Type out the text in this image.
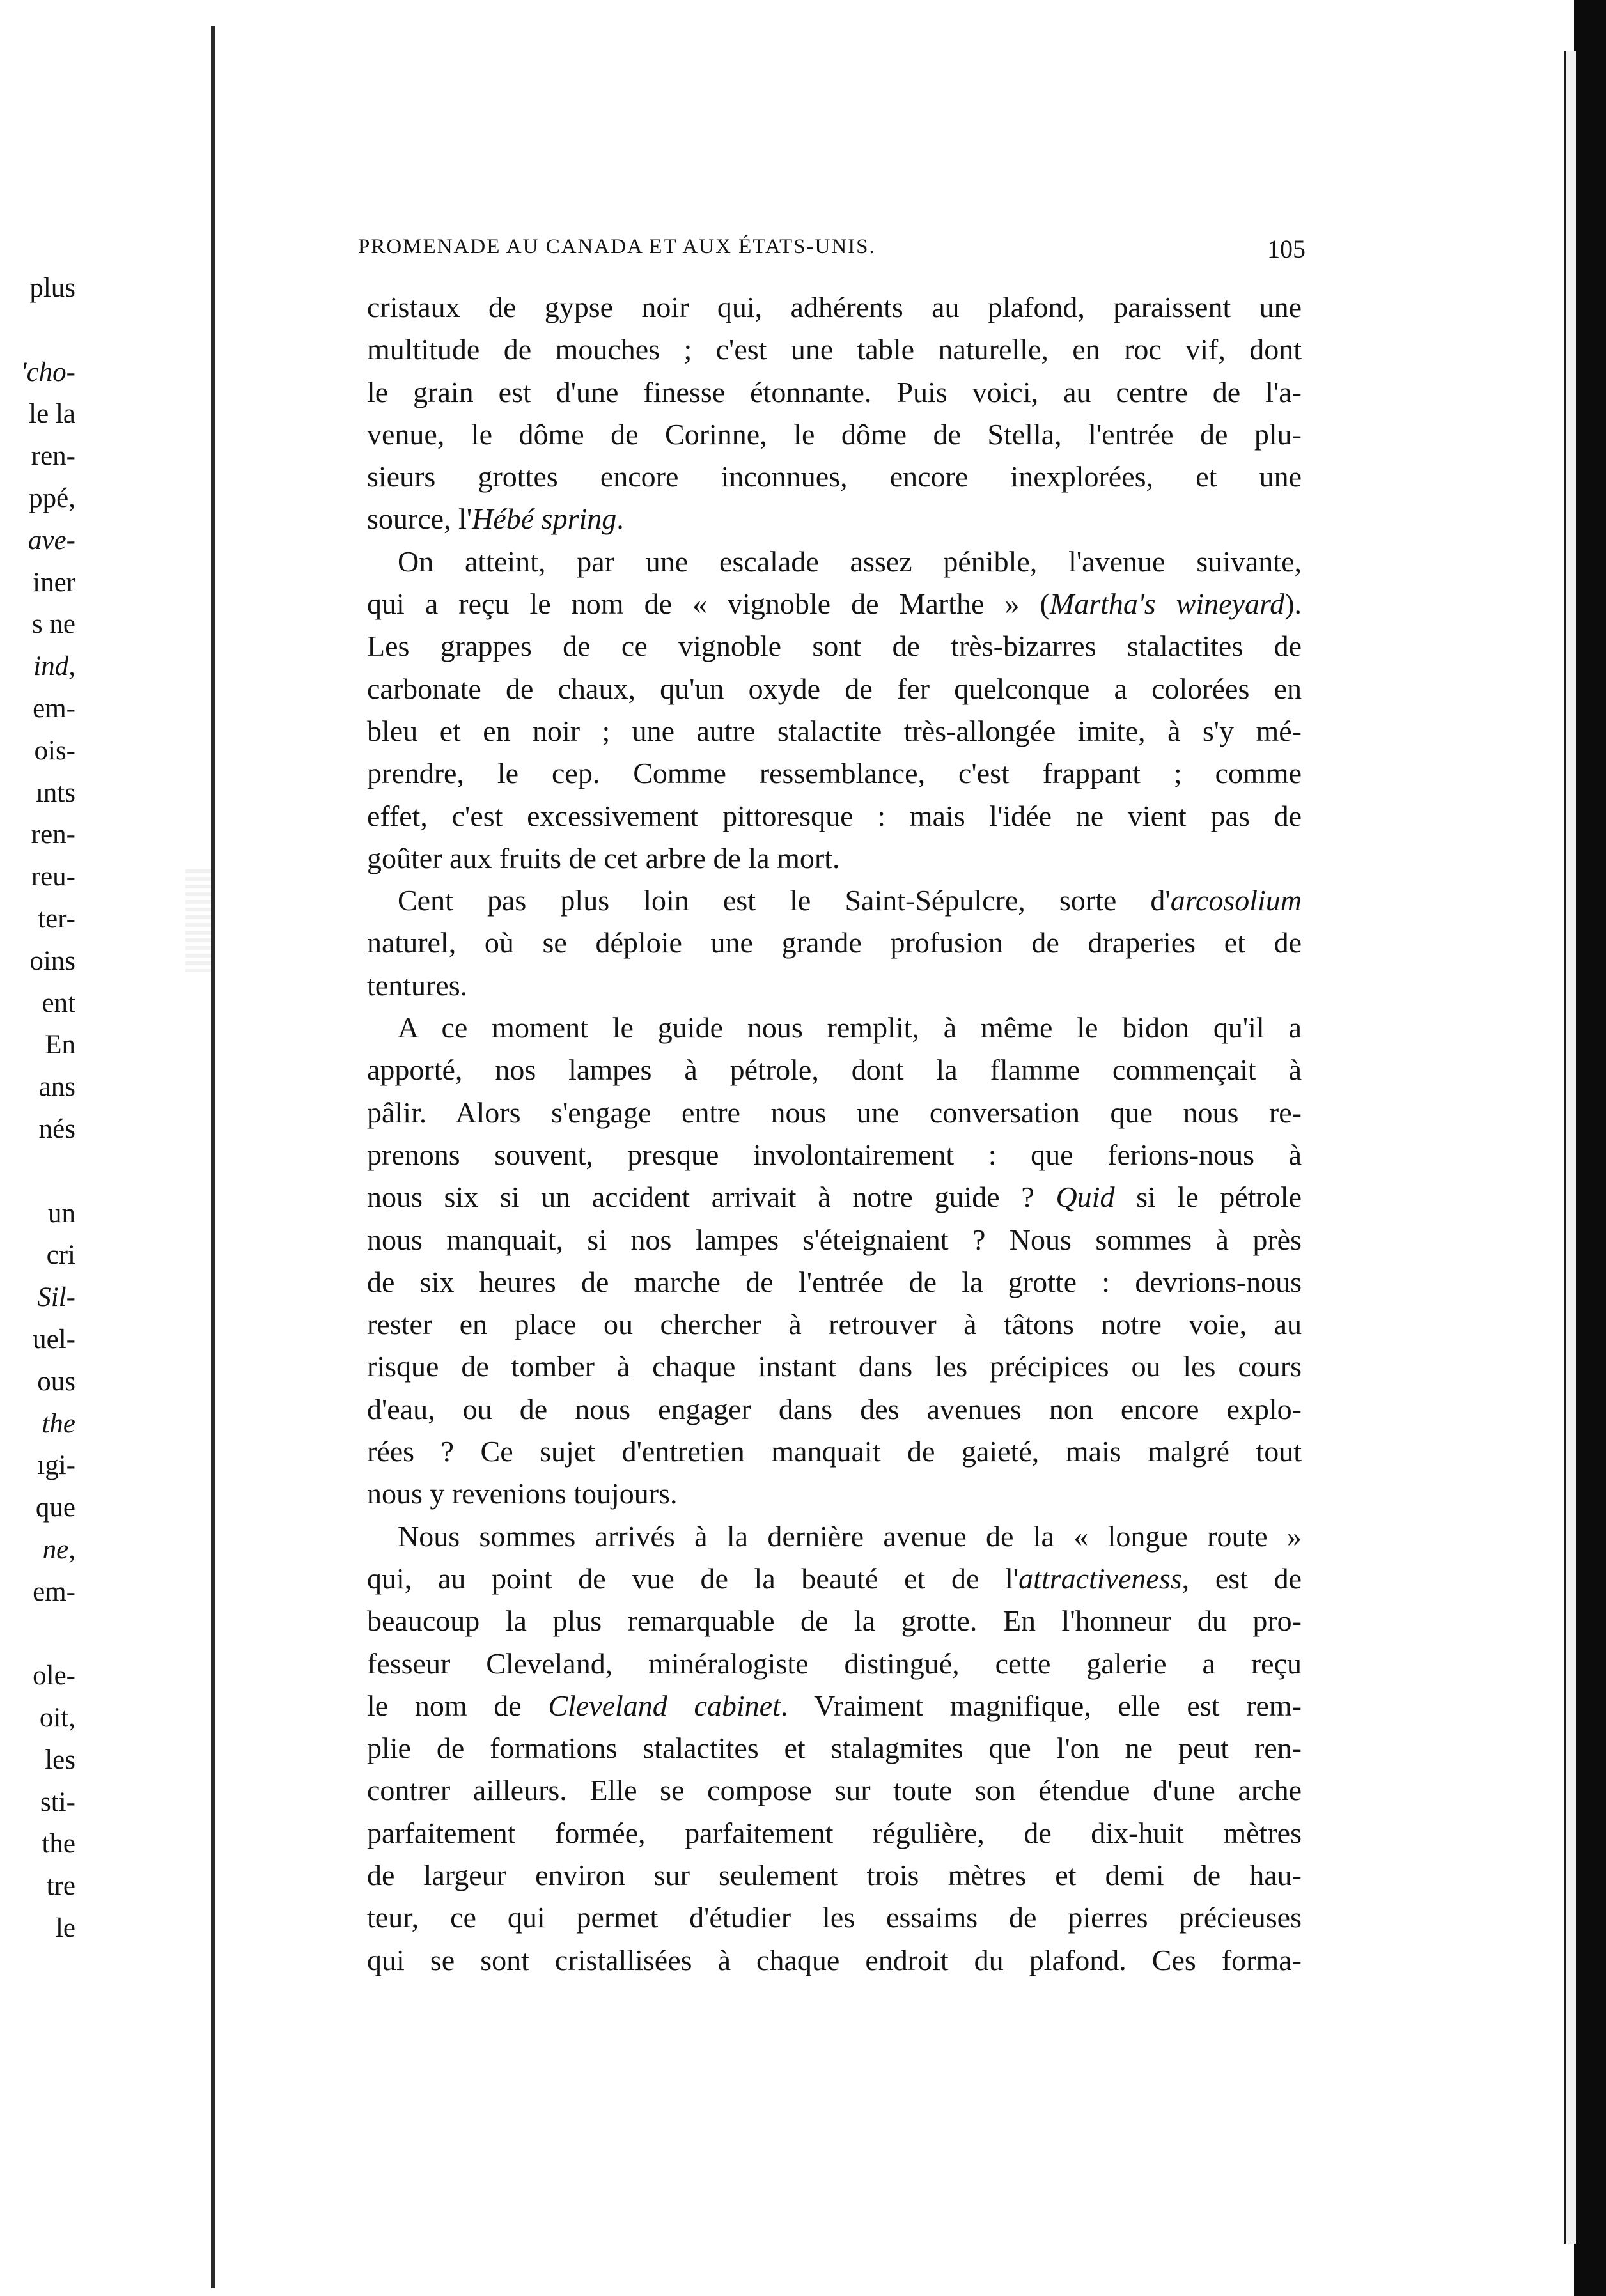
plus
'cho-
le la
ren-
ppé,
ave-
iner
s ne
ind,
em-
ois-
ınts
ren-
reu-
ter-
oins
ent
En
ans
nés
un
cri
Sil-
uel-
ous
the
ıgi-
que
ne,
em-
ole-
oit,
les
sti-
the
tre
le
PROMENADE AU CANADA ET AUX ÉTATS-UNIS.	105
cristaux de gypse noir qui, adhérents au plafond, paraissent une
multitude de mouches ; c'est une table naturelle, en roc vif, dont
le grain est d'une finesse étonnante. Puis voici, au centre de l'a-
venue, le dôme de Corinne, le dôme de Stella, l'entrée de plu-
sieurs grottes encore inconnues, encore inexplorées, et une
source, l'Hébé spring.
On atteint, par une escalade assez pénible, l'avenue suivante,
qui a reçu le nom de « vignoble de Marthe » (Martha's wineyard).
Les grappes de ce vignoble sont de très-bizarres stalactites de
carbonate de chaux, qu'un oxyde de fer quelconque a colorées en
bleu et en noir ; une autre stalactite très-allongée imite, à s'y mé-
prendre, le cep. Comme ressemblance, c'est frappant ; comme
effet, c'est excessivement pittoresque : mais l'idée ne vient pas de
goûter aux fruits de cet arbre de la mort.
Cent pas plus loin est le Saint-Sépulcre, sorte d'arcosolium
naturel, où se déploie une grande profusion de draperies et de
tentures.
A ce moment le guide nous remplit, à même le bidon qu'il a
apporté, nos lampes à pétrole, dont la flamme commençait à
pâlir. Alors s'engage entre nous une conversation que nous re-
prenons souvent, presque involontairement : que ferions-nous à
nous six si un accident arrivait à notre guide ? Quid si le pétrole
nous manquait, si nos lampes s'éteignaient ? Nous sommes à près
de six heures de marche de l'entrée de la grotte : devrions-nous
rester en place ou chercher à retrouver à tâtons notre voie, au
risque de tomber à chaque instant dans les précipices ou les cours
d'eau, ou de nous engager dans des avenues non encore explo-
rées ? Ce sujet d'entretien manquait de gaieté, mais malgré tout
nous y revenions toujours.
Nous sommes arrivés à la dernière avenue de la « longue route »
qui, au point de vue de la beauté et de l'attractiveness, est de
beaucoup la plus remarquable de la grotte. En l'honneur du pro-
fesseur Cleveland, minéralogiste distingué, cette galerie a reçu
le nom de Cleveland cabinet. Vraiment magnifique, elle est rem-
plie de formations stalactites et stalagmites que l'on ne peut ren-
contrer ailleurs. Elle se compose sur toute son étendue d'une arche
parfaitement formée, parfaitement régulière, de dix-huit mètres
de largeur environ sur seulement trois mètres et demi de hau-
teur, ce qui permet d'étudier les essaims de pierres précieuses
qui se sont cristallisées à chaque endroit du plafond. Ces forma-
